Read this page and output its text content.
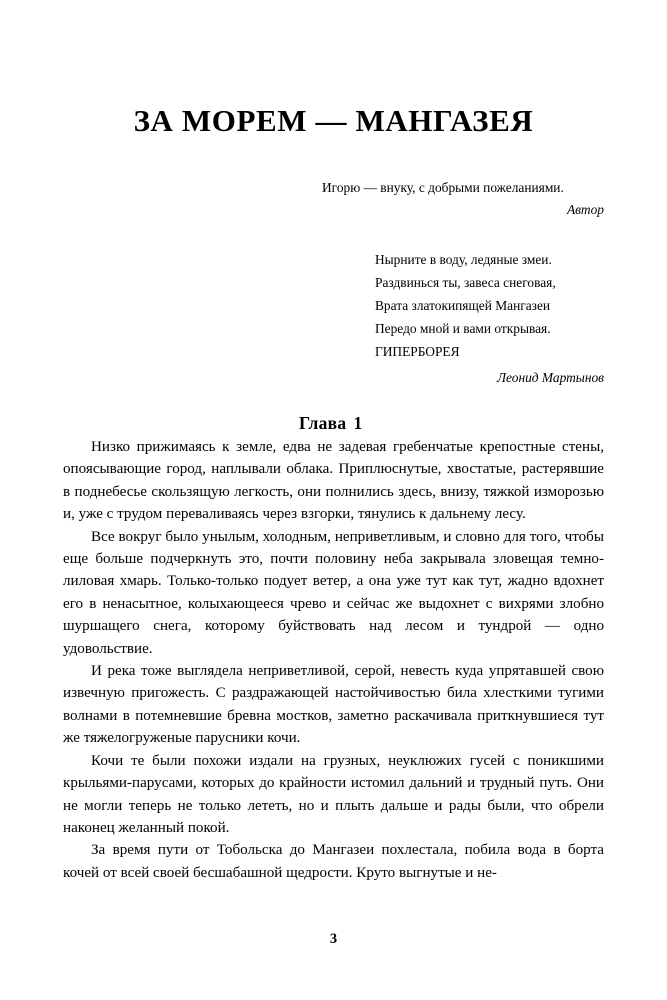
ЗА МОРЕМ — МАНГАЗЕЯ
Игорю — внуку, с добрыми пожеланиями.
Автор
Нырните в воду, ледяные змеи.
Раздвинься ты, завеса снеговая,
Врата златокипящей Мангазеи
Передо мной и вами открывая.
ГИПЕРБОРЕЯ
Леонид Мартынов
Глава 1

Низко прижимаясь к земле, едва не задевая гребенчатые крепостные стены, опоясывающие город, наплывали облака. Приплюснутые, хвостатые, растерявшие в поднебесье скользящую легкость, они полнились здесь, внизу, тяжкой изморозью и, уже с трудом переваливаясь через взгорки, тянулись к дальнему лесу.

Все вокруг было унылым, холодным, неприветливым, и словно для того, чтобы еще больше подчеркнуть это, почти половину неба закрывала зловещая темно-лиловая хмарь. Только-только подует ветер, а она уже тут как тут, жадно вдохнет его в ненасытное, колыхающееся чрево и сейчас же выдохнет с вихрями злобно шуршащего снега, которому буйствовать над лесом и тундрой — одно удовольствие.

И река тоже выглядела неприветливой, серой, невесть куда упрятавшей свою извечную пригожесть. С раздражающей настойчивостью била хлесткими тугими волнами в потемневшие бревна мостков, заметно раскачивала приткнувшиеся тут же тяжелогруженые парусники кочи.

Кочи те были похожи издали на грузных, неуклюжих гусей с поникшими крыльями-парусами, которых до крайности истомил дальний и трудный путь. Они не могли теперь не только лететь, но и плыть дальше и рады были, что обрели наконец желанный покой.

За время пути от Тобольска до Мангазеи похлестала, побила вода в борта кочей от всей своей бесшабашной щедрости. Круто выгнутые и не-

3
